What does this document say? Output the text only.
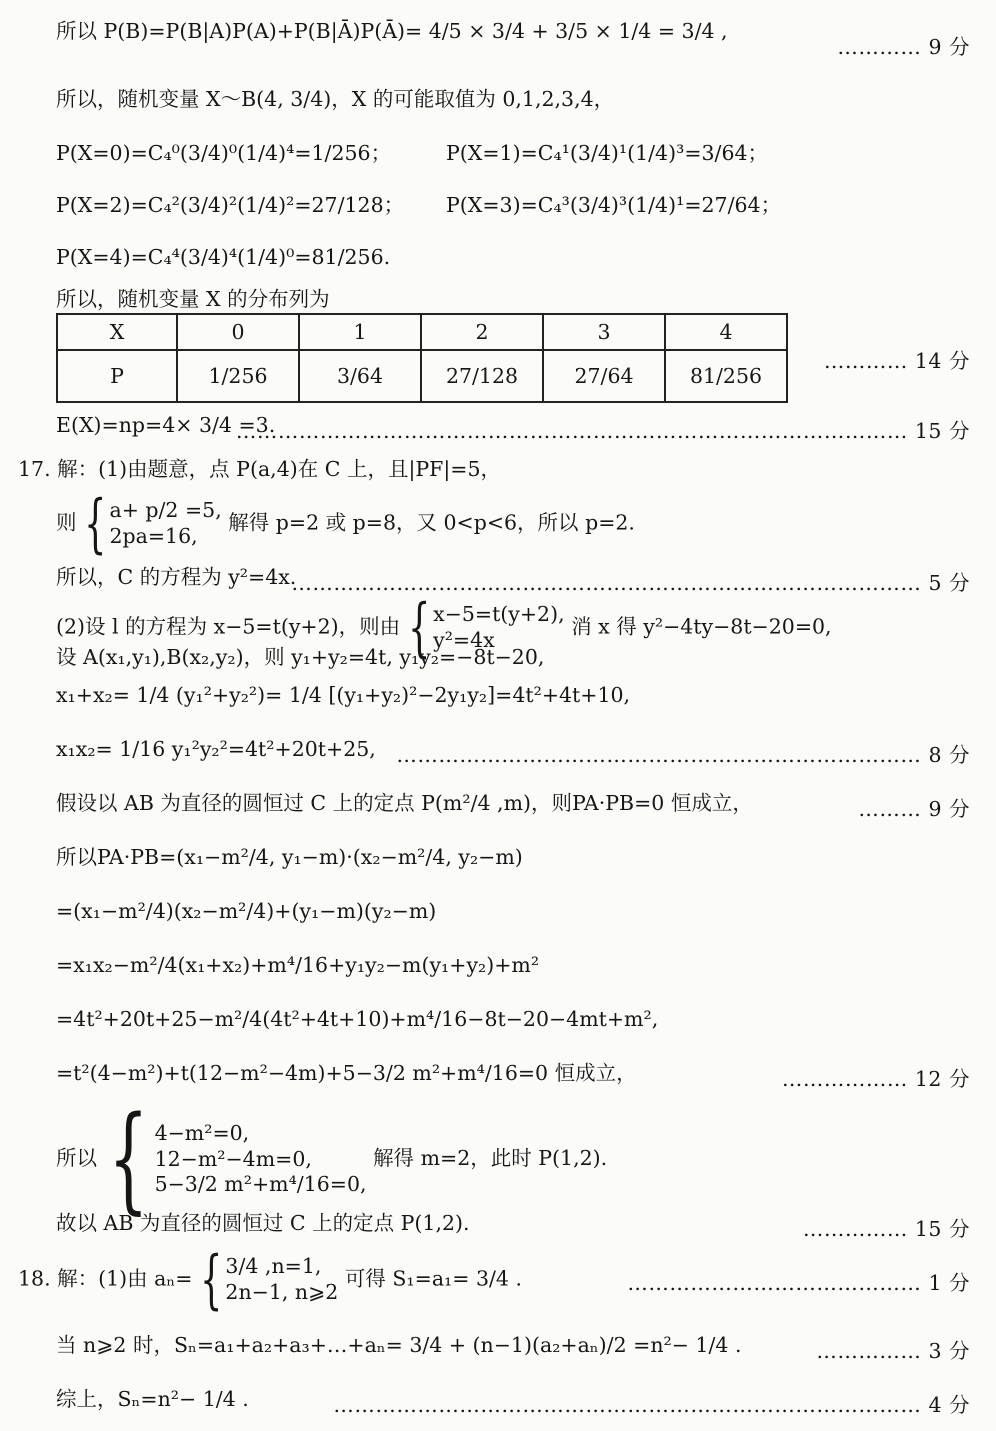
所以 P(B)=P(B|A)P(A)+P(B|Ā)P(Ā)= 4/5 × 3/4 + 3/5 × 1/4 = 3/4 ,
………… 9 分
所以，随机变量 X～B(4, 3/4)，X 的可能取值为 0,1,2,3,4，
P(X=0)=C₄⁰(3/4)⁰(1/4)⁴=1/256；	P(X=1)=C₄¹(3/4)¹(1/4)³=3/64；
P(X=2)=C₄²(3/4)²(1/4)²=27/128； P(X=3)=C₄³(3/4)³(1/4)¹=27/64；
P(X=4)=C₄⁴(3/4)⁴(1/4)⁰=81/256.
所以，随机变量 X 的分布列为
X	0	1	2	3	4
P	1/256	3/64	27/128	27/64	81/256
………… 14 分
E(X)=np=4× 3/4 =3.
…………………………………………………………………………………… 15 分
17. 解：(1)由题意，点 P(a,4)在 C 上，且|PF|=5，
则 { a+ p/2 =5,
2pa=16,
解得 p=2 或 p=8，又 0<p<6，所以 p=2.
所以，C 的方程为 y²=4x.
……………………………………………………………………………… 5 分
(2)设 l 的方程为 x−5=t(y+2)，则由 { x−5=t(y+2),
y²=4x
消 x 得 y²−4ty−8t−20=0,
设 A(x₁,y₁),B(x₂,y₂)，则 y₁+y₂=4t, y₁y₂=−8t−20,
x₁+x₂= 1/4 (y₁²+y₂²)= 1/4 [(y₁+y₂)²−2y₁y₂]=4t²+4t+10,
x₁x₂= 1/16 y₁²y₂²=4t²+20t+25, ………………………………………………………………… 8 分
假设以 AB 为直径的圆恒过 C 上的定点 P(m²/4 ,m)，则PA·PB=0 恒成立，	……… 9 分
所以PA·PB=(x₁−m²/4, y₁−m)·(x₂−m²/4, y₂−m)
=(x₁−m²/4)(x₂−m²/4)+(y₁−m)(y₂−m)
=x₁x₂−m²/4(x₁+x₂)+m⁴/16+y₁y₂−m(y₁+y₂)+m²
=4t²+20t+25−m²/4(4t²+4t+10)+m⁴/16−8t−20−4mt+m²,
=t²(4−m²)+t(12−m²−4m)+5−3/2 m²+m⁴/16=0 恒成立，	……………… 12 分
所以 { 4−m²=0,
12−m²−4m=0,
5−3/2 m²+m⁴/16=0,
解得 m=2，此时 P(1,2).
故以 AB 为直径的圆恒过 C 上的定点 P(1,2).	…………… 15 分
18. 解：(1)由 aₙ= { 3/4 ,n=1,
2n−1, n⩾2
可得 S₁=a₁= 3/4 .	…………………………………… 1 分
当 n⩾2 时，Sₙ=a₁+a₂+a₃+…+aₙ= 3/4 + (n−1)(a₂+aₙ)/2 =n²− 1/4 .	…………… 3 分
综上，Sₙ=n²− 1/4 .	………………………………………………………………………… 4 分
